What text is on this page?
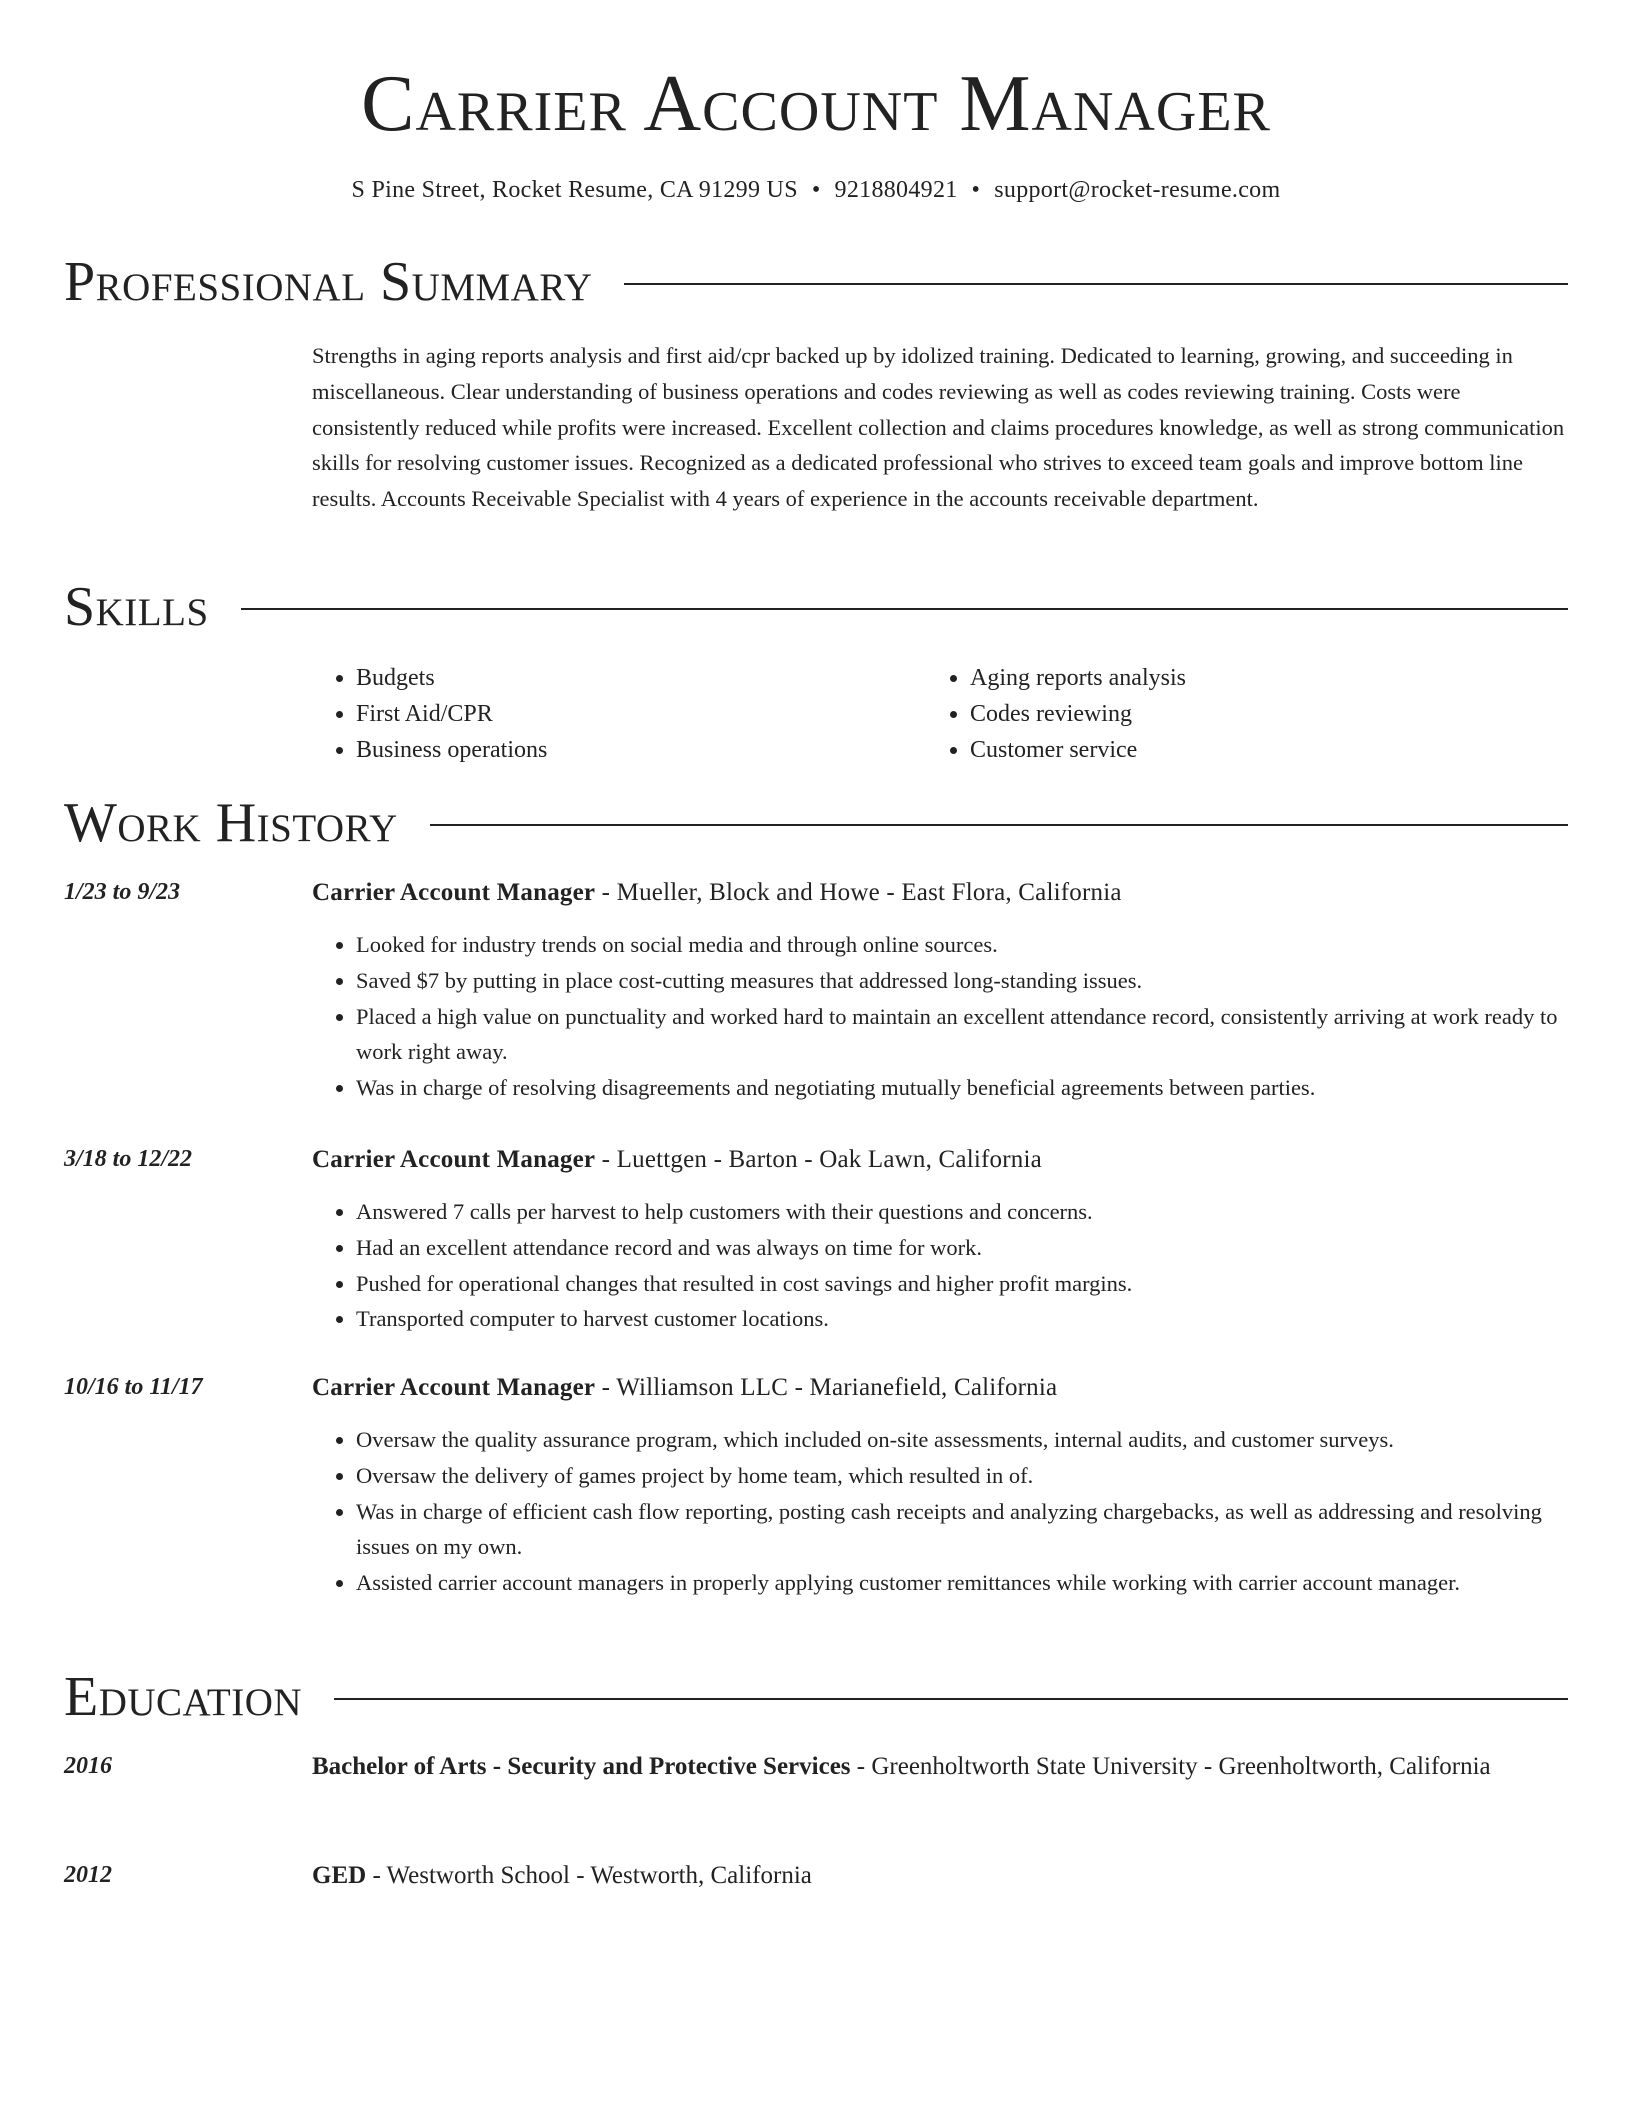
Carrier Account Manager
S Pine Street, Rocket Resume, CA 91299 US • 9218804921 • support@rocket-resume.com
Professional Summary

Strengths in aging reports analysis and first aid/cpr backed up by idolized training. Dedicated to learning, growing, and succeeding in miscellaneous. Clear understanding of business operations and codes reviewing as well as codes reviewing training. Costs were consistently reduced while profits were increased. Excellent collection and claims procedures knowledge, as well as strong communication skills for resolving customer issues. Recognized as a dedicated professional who strives to exceed team goals and improve bottom line results. Accounts Receivable Specialist with 4 years of experience in the accounts receivable department.

Skills
• Budgets
• First Aid/CPR
• Business operations
• Aging reports analysis
• Codes reviewing
• Customer service
Work History
1/23 to 9/23	Carrier Account Manager - Mueller, Block and Howe - East Flora, California
• Looked for industry trends on social media and through online sources.
• Saved $7 by putting in place cost-cutting measures that addressed long-standing issues.
• Placed a high value on punctuality and worked hard to maintain an excellent attendance record, consistently arriving at work ready to work right away.
• Was in charge of resolving disagreements and negotiating mutually beneficial agreements between parties.
3/18 to 12/22	Carrier Account Manager - Luettgen - Barton - Oak Lawn, California
• Answered 7 calls per harvest to help customers with their questions and concerns.
• Had an excellent attendance record and was always on time for work.
• Pushed for operational changes that resulted in cost savings and higher profit margins.
• Transported computer to harvest customer locations.
10/16 to 11/17	Carrier Account Manager - Williamson LLC - Marianefield, California
• Oversaw the quality assurance program, which included on-site assessments, internal audits, and customer surveys.
• Oversaw the delivery of games project by home team, which resulted in of.
• Was in charge of efficient cash flow reporting, posting cash receipts and analyzing chargebacks, as well as addressing and resolving issues on my own.
• Assisted carrier account managers in properly applying customer remittances while working with carrier account manager.
Education
2016	Bachelor of Arts - Security and Protective Services - Greenholtworth State University - Greenholtworth, California
2012	GED - Westworth School - Westworth, California
